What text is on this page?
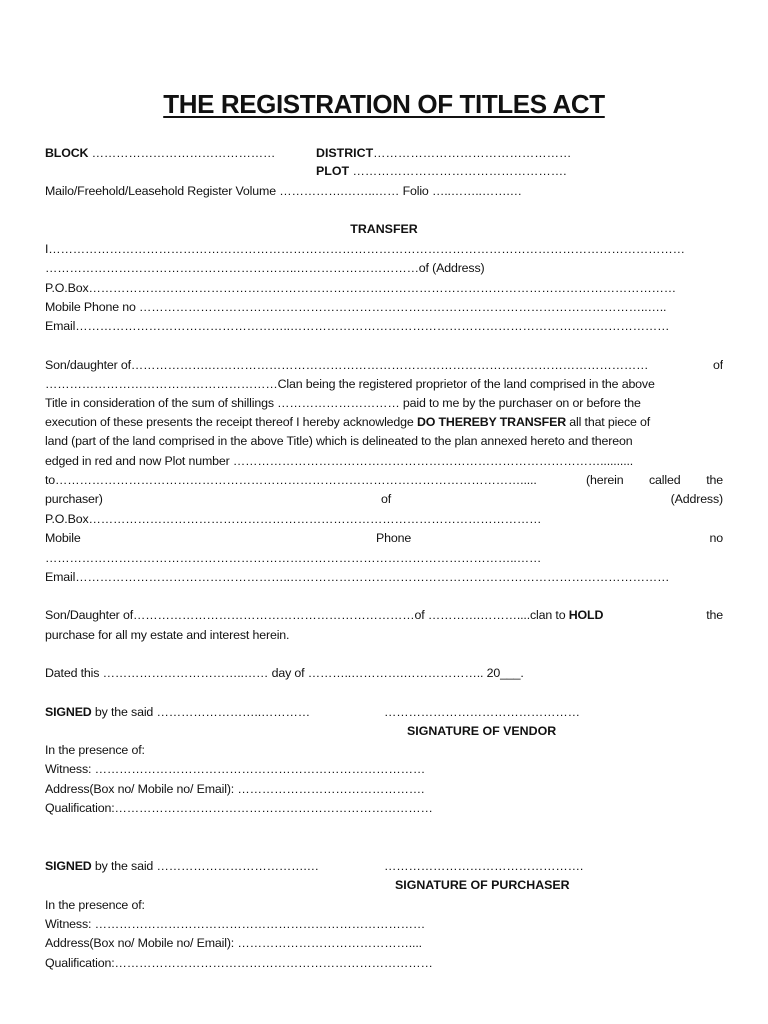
THE REGISTRATION OF TITLES ACT
BLOCK ………………………………………	DISTRICT…………………………………………
PLOT …………………………………………….
Mailo/Freehold/Leasehold Register Volume …………….……..…… Folio …..……..…….…
TRANSFER
I…………………………………………………………………………………………………………………………………………
……………………………………………………..…………………………of (Address)
P.O.Box………………………………………………………………………………………………………………………………
Mobile Phone no ……………………………………………………………………………………………………………..…..
Email……………………………………………..…………………………………………………………………………………
Son/daughter of……………….………………………………………………………………………………………………	of
…………………………………………………Clan being the registered proprietor of the land comprised in the above
Title in consideration of the sum of shillings ………………………… paid to me by the purchaser on or before the
execution of these presents the receipt thereof I hereby acknowledge DO THEREBY TRANSFER all that piece of
land (part of the land comprised in the above Title) which is delineated to the plan annexed hereto and thereon
edged in red and now Plot number ………………………………………………………………………………..........
to…………………………………………………………………………………………………….....	(herein called the
purchaser)	of	(Address)
P.O.Box…………………………………………………………………………………………………
Mobile	Phone	no
……………………………………………………………………………………………………..……
Email……………………………………………..…………………………………………………………………………………
Son/Daughter of……………………………………………………………of ………….………....clan to HOLD	the
purchase for all my estate and interest herein.
Dated this ……………………………..…… day of ………..………….……………….. 20___.
SIGNED by the said ……………………..…………	…………………………………………
SIGNATURE OF VENDOR
In the presence of:
Witness: ………………………………………………………………………
Address(Box no/ Mobile no/ Email): ……………………………………….
Qualification:……………………………………………………………………
SIGNED by the said ……………………………….…	………………………………………….
SIGNATURE OF PURCHASER
In the presence of:
Witness: ………………………………………………………………………
Address(Box no/ Mobile no/ Email): ……………………………………....
Qualification:……………………………………………………………………
